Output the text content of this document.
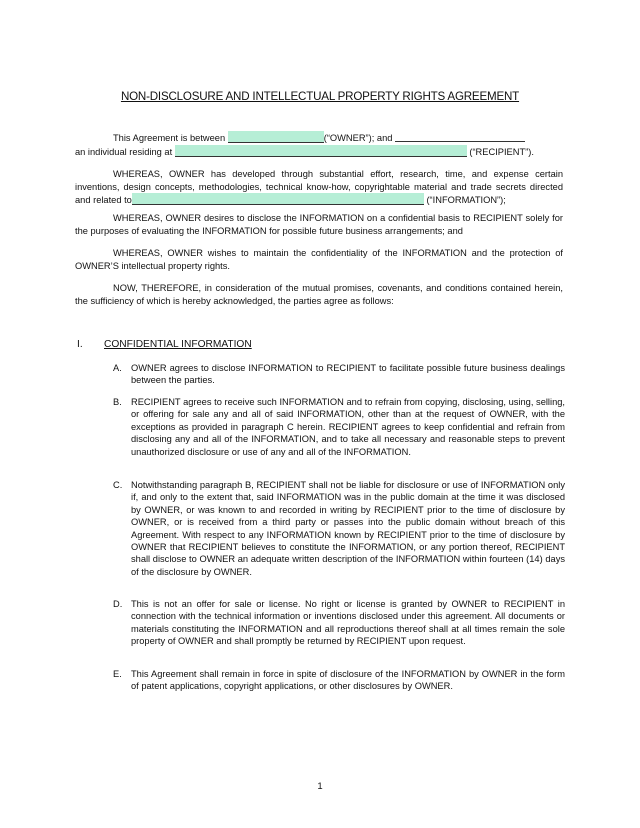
NON-DISCLOSURE AND INTELLECTUAL PROPERTY RIGHTS AGREEMENT

This Agreement is between	(“OWNER”); and
an individual residing at	(“RECIPIENT”).

WHEREAS, OWNER has developed through substantial effort, research, time, and expense certain inventions, design concepts, methodologies, technical know-how, copyrightable material and trade secrets directed and related to	(“INFORMATION”);

WHEREAS, OWNER desires to disclose the INFORMATION on a confidential basis to RECIPIENT solely for the purposes of evaluating the INFORMATION for possible future business arrangements; and

WHEREAS, OWNER wishes to maintain the confidentiality of the INFORMATION and the protection of OWNER’S intellectual property rights.

NOW, THEREFORE, in consideration of the mutual promises, covenants, and conditions contained herein, the sufficiency of which is hereby acknowledged, the parties agree as follows:

I. CONFIDENTIAL INFORMATION
A. OWNER agrees to disclose INFORMATION to RECIPIENT to facilitate possible future business dealings between the parties.
B. RECIPIENT agrees to receive such INFORMATION and to refrain from copying, disclosing, using, selling, or offering for sale any and all of said INFORMATION, other than at the request of OWNER, with the exceptions as provided in paragraph C herein. RECIPIENT agrees to keep confidential and refrain from disclosing any and all of the INFORMATION, and to take all necessary and reasonable steps to prevent unauthorized disclosure or use of any and all of the INFORMATION.
C. Notwithstanding paragraph B, RECIPIENT shall not be liable for disclosure or use of INFORMATION only if, and only to the extent that, said INFORMATION was in the public domain at the time it was disclosed by OWNER, or was known to and recorded in writing by RECIPIENT prior to the time of disclosure by OWNER, or is received from a third party or passes into the public domain without breach of this Agreement. With respect to any INFORMATION known by RECIPIENT prior to the time of disclosure by OWNER that RECIPIENT believes to constitute the INFORMATION, or any portion thereof, RECIPIENT shall disclose to OWNER an adequate written description of the INFORMATION within fourteen (14) days of the disclosure by OWNER.
D. This is not an offer for sale or license. No right or license is granted by OWNER to RECIPIENT in connection with the technical information or inventions disclosed under this agreement. All documents or materials constituting the INFORMATION and all reproductions thereof shall at all times remain the sole property of OWNER and shall promptly be returned by RECIPIENT upon request.
E. This Agreement shall remain in force in spite of disclosure of the INFORMATION by OWNER in the form of patent applications, copyright applications, or other disclosures by OWNER.
1
